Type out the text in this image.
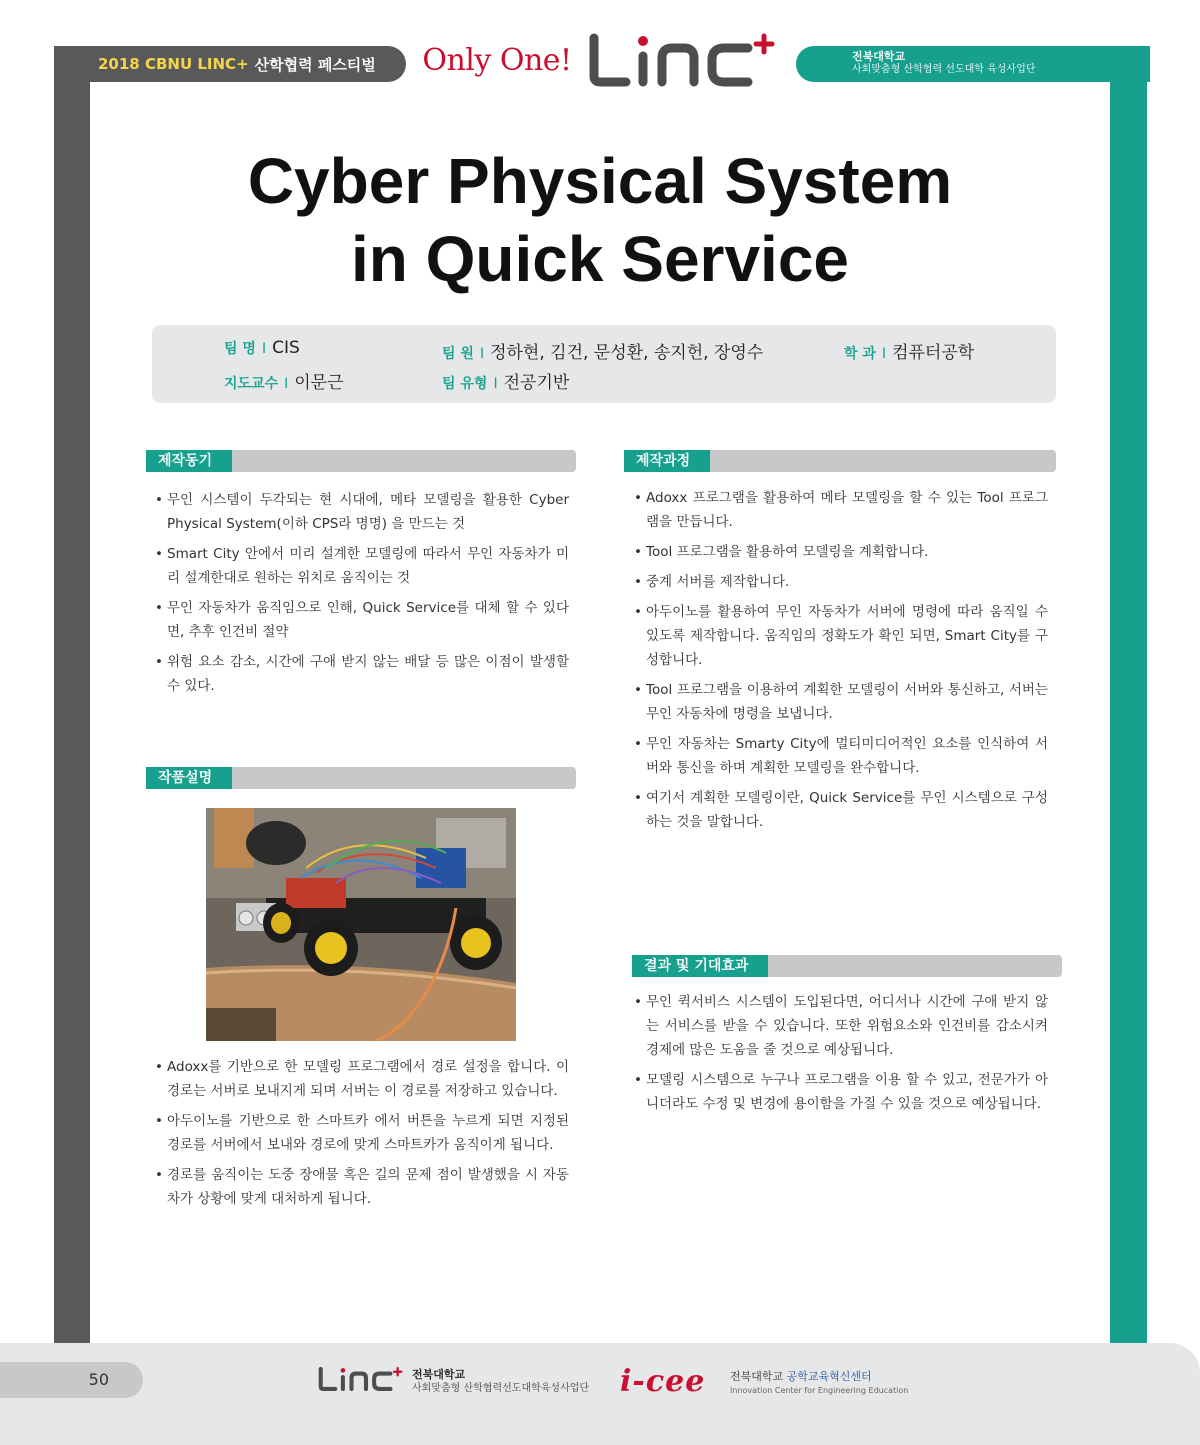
2018 CBNU LINC+ 산학협력 페스티벌 Only One!	전북대학교
사회맞춤형 산학협력 선도대학 육성사업단
Cyber Physical System
in Quick Service
팀 명 I CIS	팀 원 I 정하현, 김건, 문성환, 송지헌, 장영수	학 과 I 컴퓨터공학
지도교수 I 이문근	팀 유형 I 전공기반
제작동기
• 무인 시스템이 두각되는 현 시대에, 메타 모델링을 활용한 Cyber Physical System(이하 CPS라 명명) 을 만드는 것
• Smart City 안에서 미리 설계한 모델링에 따라서 무인 자동차가 미리 설계한대로 원하는 위치로 움직이는 것
• 무인 자동차가 움직임으로 인해, Quick Service를 대체 할 수 있다면, 추후 인건비 절약
• 위험 요소 감소, 시간에 구애 받지 않는 배달 등 많은 이점이 발생할 수 있다.
작품설명
• Adoxx를 기반으로 한 모델링 프로그램에서 경로 설정을 합니다. 이 경로는 서버로 보내지게 되며 서버는 이 경로를 저장하고 있습니다.
• 아두이노를 기반으로 한 스마트카 에서 버튼을 누르게 되면 지정된 경로를 서버에서 보내와 경로에 맞게 스마트카가 움직이게 됩니다.
• 경로를 움직이는 도중 장애물 혹은 길의 문제 점이 발생했을 시 자동차가 상황에 맞게 대처하게 됩니다.
제작과정
• Adoxx 프로그램을 활용하여 메타 모델링을 할 수 있는 Tool 프로그램을 만듭니다.
• Tool 프로그램을 활용하여 모델링을 계획합니다.
• 중계 서버를 제작합니다.
• 아두이노를 활용하여 무인 자동차가 서버에 명령에 따라 움직일 수 있도록 제작합니다. 움직임의 정확도가 확인 되면, Smart City를 구성합니다.
• Tool 프로그램을 이용하여 계획한 모델링이 서버와 통신하고, 서버는 무인 자동차에 명령을 보냅니다.
• 무인 자동차는 Smarty City에 멀티미디어적인 요소를 인식하여 서버와 통신을 하며 계획한 모델링을 완수합니다.
• 여기서 계획한 모델링이란, Quick Service를 무인 시스템으로 구성하는 것을 말합니다.
결과 및 기대효과
• 무인 퀵서비스 시스템이 도입된다면, 어디서나 시간에 구애 받지 않는 서비스를 받을 수 있습니다. 또한 위험요소와 인건비를 감소시켜 경제에 많은 도움을 줄 것으로 예상됩니다.
• 모델링 시스템으로 누구나 프로그램을 이용 할 수 있고, 전문가가 아니더라도 수정 및 변경에 용이함을 가질 수 있을 것으로 예상됩니다.
50	전북대학교
사회맞춤형 산학협력선도대학육성사업단 i-cee 전북대학교 공학교육혁신센터
Innovation Center for Engineering Education
